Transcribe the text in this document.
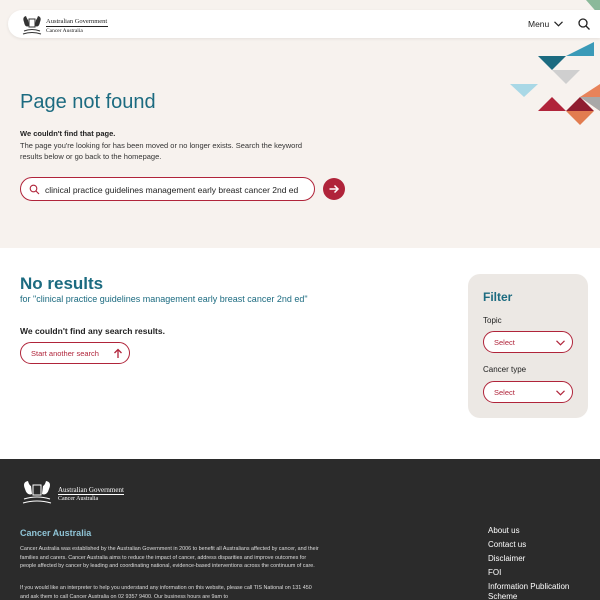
Australian Government
Cancer Australia
Menu
Page not found

We couldn't find that page.

The page you're looking for has been moved or no longer exists. Search the keyword results below or go back to the homepage.

clinical practice guidelines management early breast cancer 2nd ed
No results

for "clinical practice guidelines management early breast cancer 2nd ed"

We couldn't find any search results.

Start another search
Filter
Topic
Select
Cancer type
Select
Australian Government
Cancer Australia
Cancer Australia

Cancer Australia was established by the Australian Government in 2006 to benefit all Australians affected by cancer, and their families and carers. Cancer Australia aims to reduce the impact of cancer, address disparities and improve outcomes for people affected by cancer by leading and coordinating national, evidence-based interventions across the continuum of care.

If you would like an interpreter to help you understand any information on this website, please call TIS National on 131 450 and ask them to call Cancer Australia on 02 9357 9400. Our business hours are 9am to

About us
Contact us
Disclaimer
FOI
Information Publication Scheme
